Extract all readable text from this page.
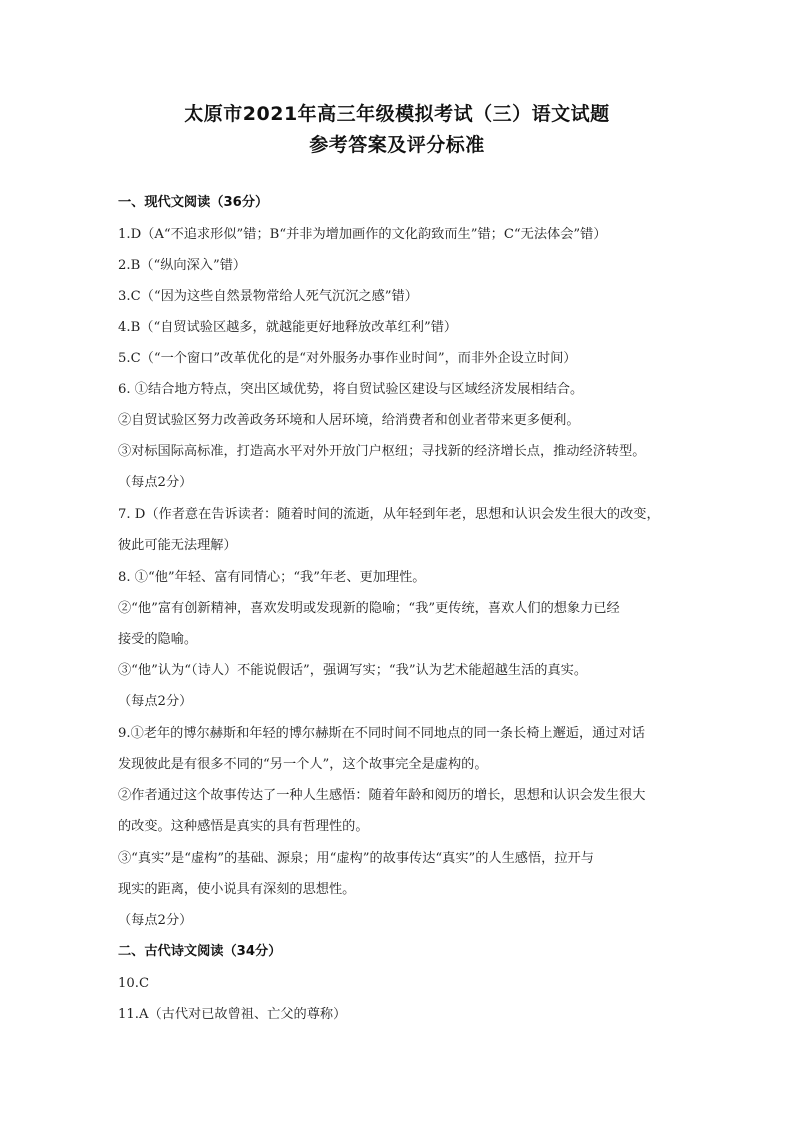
太原市2021年高三年级模拟考试（三）语文试题
参考答案及评分标准
一、现代文阅读（36分）
1.D（A“不追求形似”错；B“并非为增加画作的文化韵致而生”错；C“无法体会”错）
2.B（“纵向深入”错）
3.C（“因为这些自然景物常给人死气沉沉之感”错）
4.B（“自贸试验区越多，就越能更好地释放改革红利”错）
5.C（“一个窗口”改革优化的是“对外服务办事作业时间”，而非外企设立时间）
6. ①结合地方特点，突出区域优势，将自贸试验区建设与区域经济发展相结合。
②自贸试验区努力改善政务环境和人居环境，给消费者和创业者带来更多便利。
③对标国际高标准，打造高水平对外开放门户枢纽；寻找新的经济增长点，推动经济转型。
（每点2分）
7. D（作者意在告诉读者：随着时间的流逝，从年轻到年老，思想和认识会发生很大的改变，
彼此可能无法理解）
8. ①“他”年轻、富有同情心；“我”年老、更加理性。
②“他”富有创新精神，喜欢发明或发现新的隐喻；“我”更传统，喜欢人们的想象力已经
接受的隐喻。
③“他”认为“（诗人）不能说假话”，强调写实；“我”认为艺术能超越生活的真实。
（每点2分）
9.①老年的博尔赫斯和年轻的博尔赫斯在不同时间不同地点的同一条长椅上邂逅，通过对话
发现彼此是有很多不同的“另一个人”，这个故事完全是虚构的。
②作者通过这个故事传达了一种人生感悟：随着年龄和阅历的增长，思想和认识会发生很大
的改变。这种感悟是真实的具有哲理性的。
③“真实”是“虚构”的基础、源泉；用“虚构”的故事传达“真实”的人生感悟，拉开与
现实的距离，使小说具有深刻的思想性。
（每点2分）
二、古代诗文阅读（34分）
10.C
11.A（古代对已故曾祖、亡父的尊称）
